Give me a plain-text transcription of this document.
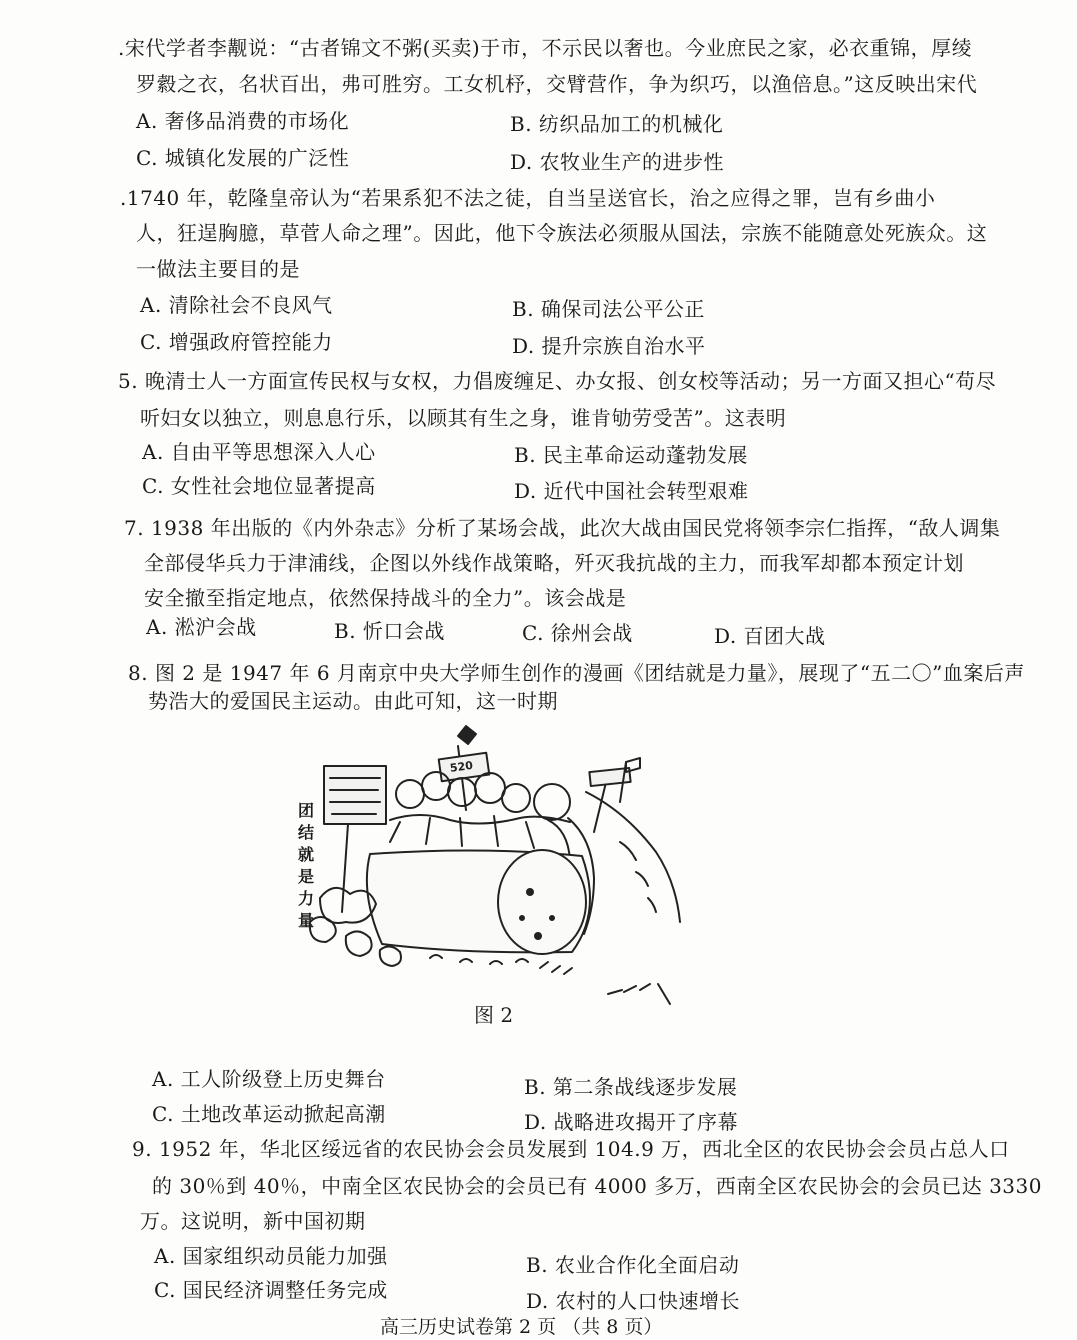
.宋代学者李觏说：“古者锦文不粥(买卖)于市，不示民以奢也。今业庶民之家，必衣重锦，厚绫
罗縠之衣，名状百出，弗可胜穷。工女机杼，交臂营作，争为织巧，以渔倍息。”这反映出宋代
A. 奢侈品消费的市场化	B. 纺织品加工的机械化
C. 城镇化发展的广泛性	D. 农牧业生产的进步性
.1740 年，乾隆皇帝认为“若果系犯不法之徒，自当呈送官长，治之应得之罪，岂有乡曲小
人，狂逞胸臆，草菅人命之理”。因此，他下令族法必须服从国法，宗族不能随意处死族众。这
一做法主要目的是
A. 清除社会不良风气	B. 确保司法公平公正
C. 增强政府管控能力	D. 提升宗族自治水平
5. 晚清士人一方面宣传民权与女权，力倡废缠足、办女报、创女校等活动；另一方面又担心“苟尽
听妇女以独立，则息息行乐，以顾其有生之身，谁肯劬劳受苦”。这表明
A. 自由平等思想深入人心	B. 民主革命运动蓬勃发展
C. 女性社会地位显著提高	D. 近代中国社会转型艰难
7. 1938 年出版的《内外杂志》分析了某场会战，此次大战由国民党将领李宗仁指挥，“敌人调集
全部侵华兵力于津浦线，企图以外线作战策略，歼灭我抗战的主力，而我军却都本预定计划
安全撤至指定地点，依然保持战斗的全力”。该会战是
A. 淞沪会战	B. 忻口会战	C. 徐州会战	D. 百团大战
8. 图 2 是 1947 年 6 月南京中央大学师生创作的漫画《团结就是力量》，展现了“五二〇”血案后声
势浩大的爱国民主运动。由此可知，这一时期
团结就是力量
520
图 2
A. 工人阶级登上历史舞台	B. 第二条战线逐步发展
C. 土地改革运动掀起高潮	D. 战略进攻揭开了序幕
9. 1952 年，华北区绥远省的农民协会会员发展到 104.9 万，西北全区的农民协会会员占总人口
的 30％到 40％，中南全区农民协会的会员已有 4000 多万，西南全区农民协会的会员已达 3330
万。这说明，新中国初期
A. 国家组织动员能力加强	B. 农业合作化全面启动
C. 国民经济调整任务完成	D. 农村的人口快速增长
高三历史试卷第 2 页 （共 8 页）
